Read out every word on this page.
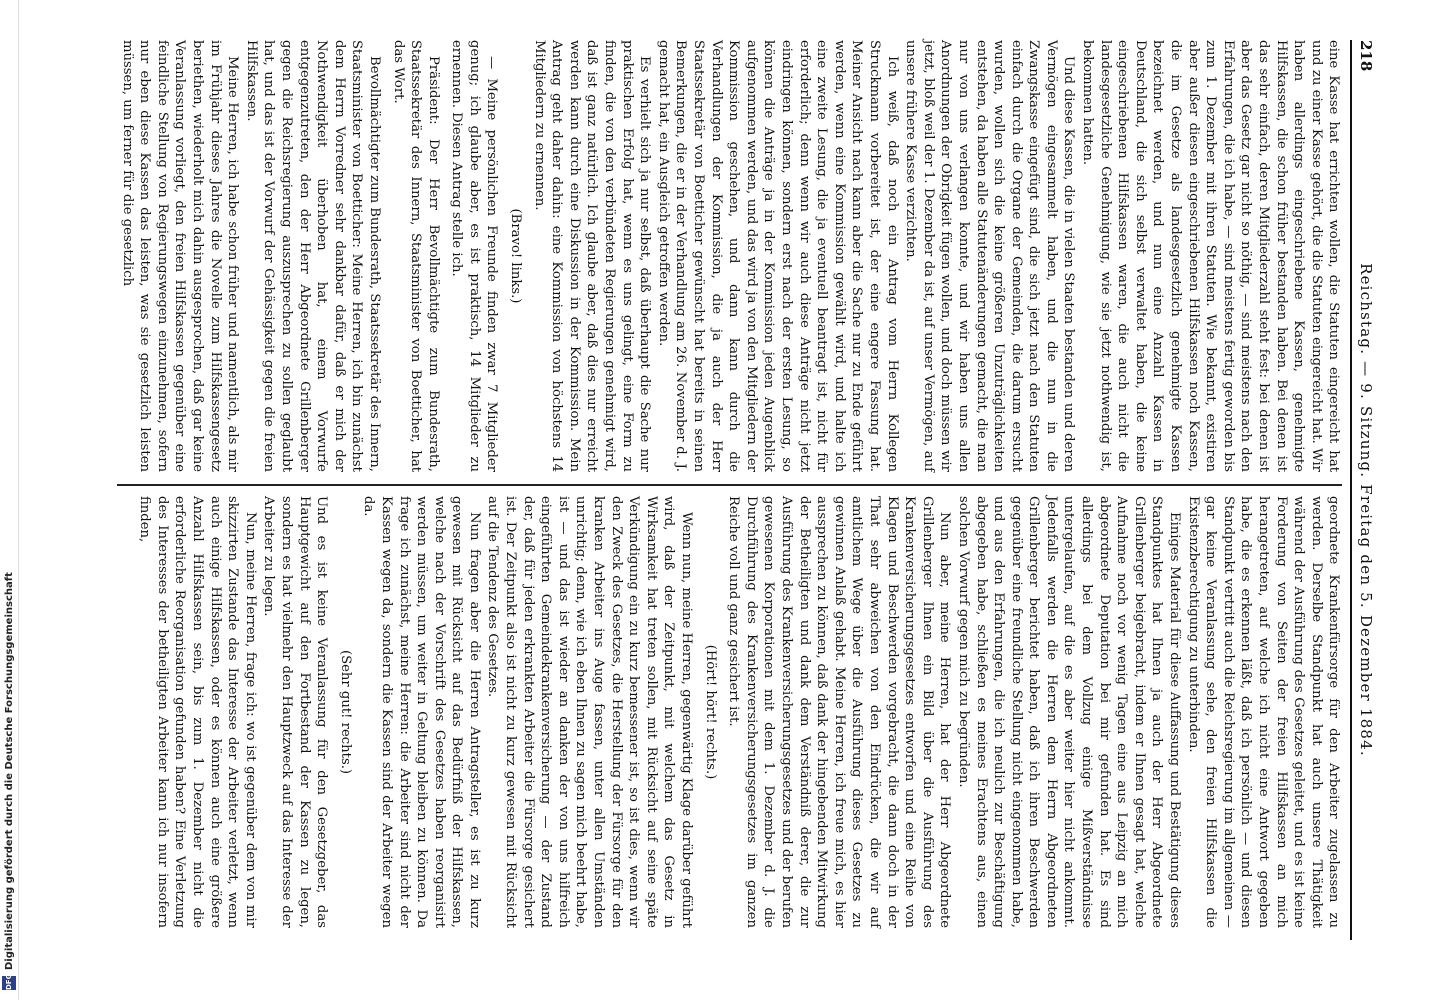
DFG
Digitalisierung gefördert durch die Deutsche Forschungsgemeinschaft
218
Reichstag. — 9. Sitzung. Freitag den 5. Dezember 1884.

eine Kasse hat errichten wollen, die Statuten eingereicht hat und zu einer Kasse gehört, die die Statuten eingereicht hat. Wir haben allerdings eingeschriebene Kassen, genehmigte Hilfskassen, die schon früher bestanden haben. Bei denen ist das sehr einfach, deren Mitgliederzahl steht fest: bei denen ist aber das Gesetz gar nicht so nöthig, — sind meistens nach den Erfahrungen, die ich habe, — sind meistens fertig geworden bis zum 1. Dezember mit ihren Statuten. Wie bekannt, existiren aber außer diesen eingeschriebenen Hilfskassen noch Kassen, die im Gesetze als landesgesetzlich genehmigte Kassen bezeichnet werden, und nun eine Anzahl Kassen in Deutschland, die sich selbst verwaltet haben, die keine eingeschriebenen Hilfskassen waren, die auch nicht die landesgesetzliche Genehmigung, wie sie jetzt nothwendig ist, bekommen hatten.

Und diese Kassen, die in vielen Staaten bestanden und deren Vermögen eingesammelt haben, und die nun in die Zwangskasse eingefügt sind, die sich jetzt nach den Statuten einfach durch die Organe der Gemeinden, die darum ersucht wurden, wollen sich die keine größeren Unzuträglichkeiten entstehen, da haben alle Statutenänderungen gemacht, die man nur von uns verlangen konnte, und wir haben uns allen Anordnungen der Obrigkeit fügen wollen, und doch müssen wir jetzt, bloß weil der 1. Dezember da ist, auf unser Vermögen, auf unsere frühere Kasse verzichten.

Ich weiß, daß noch ein Antrag vom Herrn Kollegen Struckmann vorbereitet ist, der eine engere Fassung hat. Meiner Ansicht nach kann aber die Sache nur zu Ende geführt werden, wenn eine Kommission gewählt wird, und halte ich eine zweite Lesung, die ja eventuell beantragt ist, nicht für erforderlich; denn wenn wir auch diese Anträge nicht jetzt eindringen können, sondern erst nach der ersten Lesung, so können die Anträge ja in der Kommission jeden Augenblick aufgenommen werden, und das wird ja von den Mitgliedern der Kommission geschehen, und dann kann durch die Verhandlungen der Kommission, die ja auch der Herr Staatssekretär von Boetticher gewünscht hat bereits in seinen Bemerkungen, die er in der Verhandlung am 26. November d. J. gemacht hat, ein Ausgleich getroffen werden.

Es verhielt sich ja nur selbst, daß überhaupt die Sache nur praktischen Erfolg hat, wenn es uns gelingt, eine Form zu finden, die von den verbündeten Regierungen genehmigt wird, daß ist ganz natürlich. Ich glaube aber, daß dies nur erreicht werden kann durch eine Diskussion in der Kommission. Mein Antrag geht daher dahin: eine Kommission von höchstens 14 Mitgliedern zu ernennen.

(Bravo! links.)

— Meine persönlichen Freunde finden zwar 7 Mitglieder genug; ich glaube aber, es ist praktisch, 14 Mitglieder zu ernennen. Diesen Antrag stelle ich.

Präsident: Der Herr Bevollmächtigte zum Bundesrath, Staatssekretär des Innern, Staatsminister von Boetticher, hat das Wort.

Bevollmächtigter zum Bundesrath, Staatssekretär des Innern, Staatsminister von Boetticher: Meine Herren, ich bin zunächst dem Herrn Vorredner sehr dankbar dafür, daß er mich der Nothwendigkeit überhoben hat, einem Vorwurfe entgegenzutreten, den der Herr Abgeordnete Grillenberger gegen die Reichsregierung auszusprechen zu sollen geglaubt hat, und das ist der Vorwurf der Gehässigkeit gegen die freien Hilfskassen.

Meine Herren, ich habe schon früher und namentlich, als mir im Frühjahr dieses Jahres die Novelle zum Hilfskassengesetz beriethen, wiederholt mich dahin ausgesprochen, daß gar keine Veranlassung vorliegt, den freien Hilfskassen gegenüber eine feindliche Stellung von Regierungswegen einzunehmen, sofern nur eben diese Kassen das leisten, was sie gesetzlich leisten müssen, um ferner für die gesetzlich

geordnete Krankenfürsorge für den Arbeiter zugelassen zu werden. Derselbe Standpunkt hat auch unsere Thätigkeit während der Ausführung des Gesetzes geleitet, und es ist keine Forderung von Seiten der freien Hilfskassen an mich herangetreten, auf welche ich nicht eine Antwort gegeben habe, die es erkennen läßt, daß ich persönlich — und diesen Standpunkt vertritt auch die Reichsregierung im allgemeinen — gar keine Veranlassung sehe, den freien Hilfskassen die Existenzberechtigung zu unterbinden.

Einiges Material für diese Auffassung und Bestätigung dieses Standpunktes hat Ihnen ja auch der Herr Abgeordnete Grillenberger beigebracht, indem er Ihnen gesagt hat, welche Aufnahme noch vor wenig Tagen eine aus Leipzig an mich abgeordnete Deputation bei mir gefunden hat. Es sind allerdings bei dem Vollzug einige Mißverständnisse untergelaufen, auf die es aber weiter hier nicht ankommt. Jedenfalls werden die Herren dem Herrn Abgeordneten Grillenberger berichtet haben, daß ich ihren Beschwerden gegenüber eine freundliche Stellung nicht eingenommen habe, und aus den Erfahrungen, die ich neulich zur Beschäftigung abgegeben habe, schließen es meines Erachtens aus, einen solchen Vorwurf gegen mich zu begründen.

Nun aber, meine Herren, hat der Herr Abgeordnete Grillenberger Ihnen ein Bild über die Ausführung des Krankenversicherungsgesetzes entworfen und eine Reihe von Klagen und Beschwerden vorgebracht, die dann doch in der That sehr abweichen von den Eindrücken, die wir auf amtlichem Wege über die Ausführung dieses Gesetzes zu gewinnen Anlaß gehabt. Meine Herren, ich freue mich, es hier aussprechen zu können, daß dank der hingebenden Mitwirkung der Betheiligten und dank dem Verständniß derer, die zur Ausführung des Krankenversicherungsgesetzes und der berufen gewesenen Korporationen mit dem 1. Dezember d. J. die Durchführung des Krankenversicherungsgesetzes im ganzen Reiche voll und ganz gesichert ist.

(Hört! hört! rechts.)

Wenn nun, meine Herren, gegenwärtig Klage darüber geführt wird, daß der Zeitpunkt, mit welchem das Gesetz in Wirksamkeit hat treten sollen, mit Rücksicht auf seine späte Verkündigung ein zu kurz bemessener ist, so ist dies, wenn wir den Zweck des Gesetzes, die Herstellung der Fürsorge für den kranken Arbeiter ins Auge fassen, unter allen Umständen unrichtig; denn, wie ich eben Ihnen zu sagen mich beehrt habe, ist — und das ist wieder an danken der von uns hilfreich eingeführten Gemeindekrankenversicherung — der Zustand der, daß für jeden erkrankten Arbeiter die Fürsorge gesichert ist. Der Zeitpunkt also ist nicht zu kurz gewesen mit Rücksicht auf die Tendenz des Gesetzes.

Nun fragen aber die Herren Antragsteller, es ist zu kurz gewesen mit Rücksicht auf das Bedürfniß der Hilfskassen, welche nach der Vorschrift des Gesetzes haben reorganisirt werden müssen, um weiter in Geltung bleiben zu können. Da frage ich zunächst, meine Herren: die Arbeiter sind nicht der Kassen wegen da, sondern die Kassen sind der Arbeiter wegen da.

(Sehr gut! rechts.)

Und es ist keine Veranlassung für den Gesetzgeber, das Hauptgewicht auf den Fortbestand der Kassen zu legen, sondern es hat vielmehr den Hauptzweck auf das Interesse der Arbeiter zu legen.

Nun, meine Herren, frage ich: wo ist gegenüber dem von mir skizzirten Zustande das Interesse der Arbeiter verletzt, wenn auch einige Hilfskassen, oder es können auch eine größere Anzahl Hilfskassen sein, bis zum 1. Dezember nicht die erforderliche Reorganisation gefunden haben? Eine Verletzung des Interesses der betheiligten Arbeiter kann ich nur insofern finden,
